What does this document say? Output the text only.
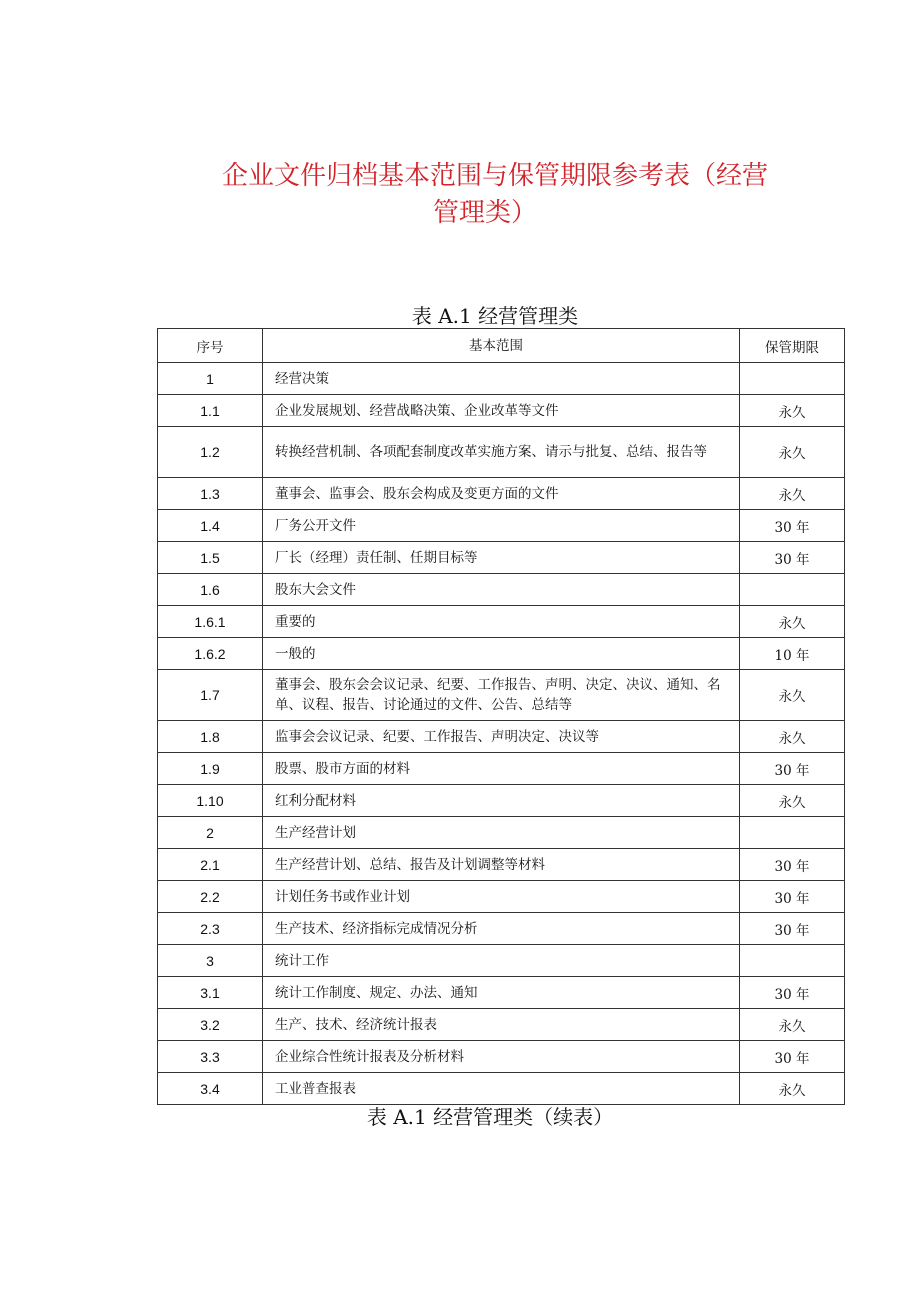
企业文件归档基本范围与保管期限参考表（经营
管理类）
表 A.1 经营管理类
序号	基本范围	保管期限
1	经营决策	
1.1	企业发展规划、经营战略决策、企业改革等文件	永久
1.2	转换经营机制、各项配套制度改革实施方案、请示与批复、总结、报告等	永久
1.3	董事会、监事会、股东会构成及变更方面的文件	永久
1.4	厂务公开文件	30 年
1.5	厂长（经理）责任制、任期目标等	30 年
1.6	股东大会文件	
1.6.1	重要的	永久
1.6.2	一般的	10 年
1.7	董事会、股东会会议记录、纪要、工作报告、声明、决定、决议、通知、名单、议程、报告、讨论通过的文件、公告、总结等	永久
1.8	监事会会议记录、纪要、工作报告、声明决定、决议等	永久
1.9	股票、股市方面的材料	30 年
1.10	红利分配材料	永久
2	生产经营计划	
2.1	生产经营计划、总结、报告及计划调整等材料	30 年
2.2	计划任务书或作业计划	30 年
2.3	生产技术、经济指标完成情况分析	30 年
3	统计工作	
3.1	统计工作制度、规定、办法、通知	30 年
3.2	生产、技术、经济统计报表	永久
3.3	企业综合性统计报表及分析材料	30 年
3.4	工业普查报表	永久
表 A.1 经营管理类（续表）
